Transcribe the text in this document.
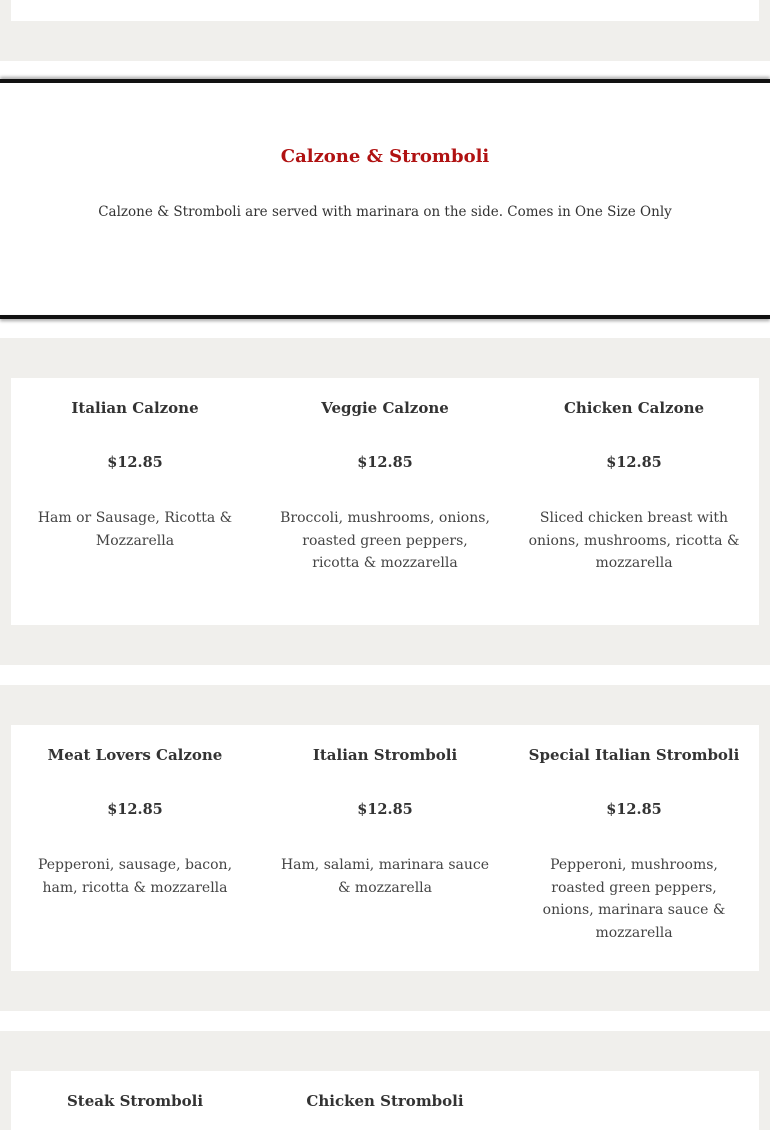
Calzone & Stromboli
Calzone & Stromboli are served with marinara on the side. Comes in One Size Only
Italian Calzone
$12.85
Ham or Sausage, Ricotta & Mozzarella
Veggie Calzone
$12.85
Broccoli, mushrooms, onions, roasted green peppers, ricotta & mozzarella
Chicken Calzone
$12.85
Sliced chicken breast with onions, mushrooms, ricotta & mozzarella
Meat Lovers Calzone
$12.85
Pepperoni, sausage, bacon, ham, ricotta & mozzarella
Italian Stromboli
$12.85
Ham, salami, marinara sauce & mozzarella
Special Italian Stromboli
$12.85
Pepperoni, mushrooms, roasted green peppers, onions, marinara sauce & mozzarella
Steak Stromboli	Chicken Stromboli
